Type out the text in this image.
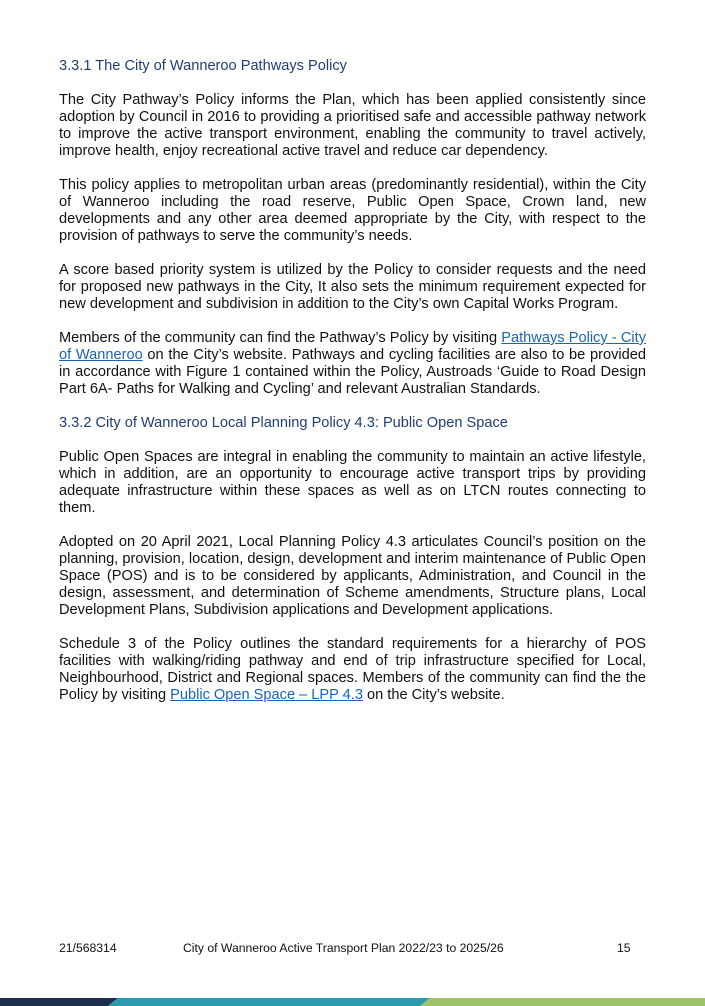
3.3.1 The City of Wanneroo Pathways Policy

The City Pathway’s Policy informs the Plan, which has been applied consistently since adoption by Council in 2016 to providing a prioritised safe and accessible pathway network to improve the active transport environment, enabling the community to travel actively, improve health, enjoy recreational active travel and reduce car dependency.

This policy applies to metropolitan urban areas (predominantly residential), within the City of Wanneroo including the road reserve, Public Open Space, Crown land, new developments and any other area deemed appropriate by the City, with respect to the provision of pathways to serve the community’s needs.

A score based priority system is utilized by the Policy to consider requests and the need for proposed new pathways in the City, It also sets the minimum requirement expected for new development and subdivision in addition to the City’s own Capital Works Program.

Members of the community can find the Pathway’s Policy by visiting Pathways Policy - City of Wanneroo on the City’s website. Pathways and cycling facilities are also to be provided in accordance with Figure 1 contained within the Policy, Austroads ‘Guide to Road Design Part 6A- Paths for Walking and Cycling’ and relevant Australian Standards.

3.3.2 City of Wanneroo Local Planning Policy 4.3: Public Open Space

Public Open Spaces are integral in enabling the community to maintain an active lifestyle, which in addition, are an opportunity to encourage active transport trips by providing adequate infrastructure within these spaces as well as on LTCN routes connecting to them.

Adopted on 20 April 2021, Local Planning Policy 4.3 articulates Council’s position on the planning, provision, location, design, development and interim maintenance of Public Open Space (POS) and is to be considered by applicants, Administration, and Council in the design, assessment, and determination of Scheme amendments, Structure plans, Local Development Plans, Subdivision applications and Development applications.

Schedule 3 of the Policy outlines the standard requirements for a hierarchy of POS facilities with walking/riding pathway and end of trip infrastructure specified for Local, Neighbourhood, District and Regional spaces. Members of the community can find the the Policy by visiting Public Open Space – LPP 4.3 on the City’s website.

21/568314	City of Wanneroo Active Transport Plan 2022/23 to 2025/26	15
